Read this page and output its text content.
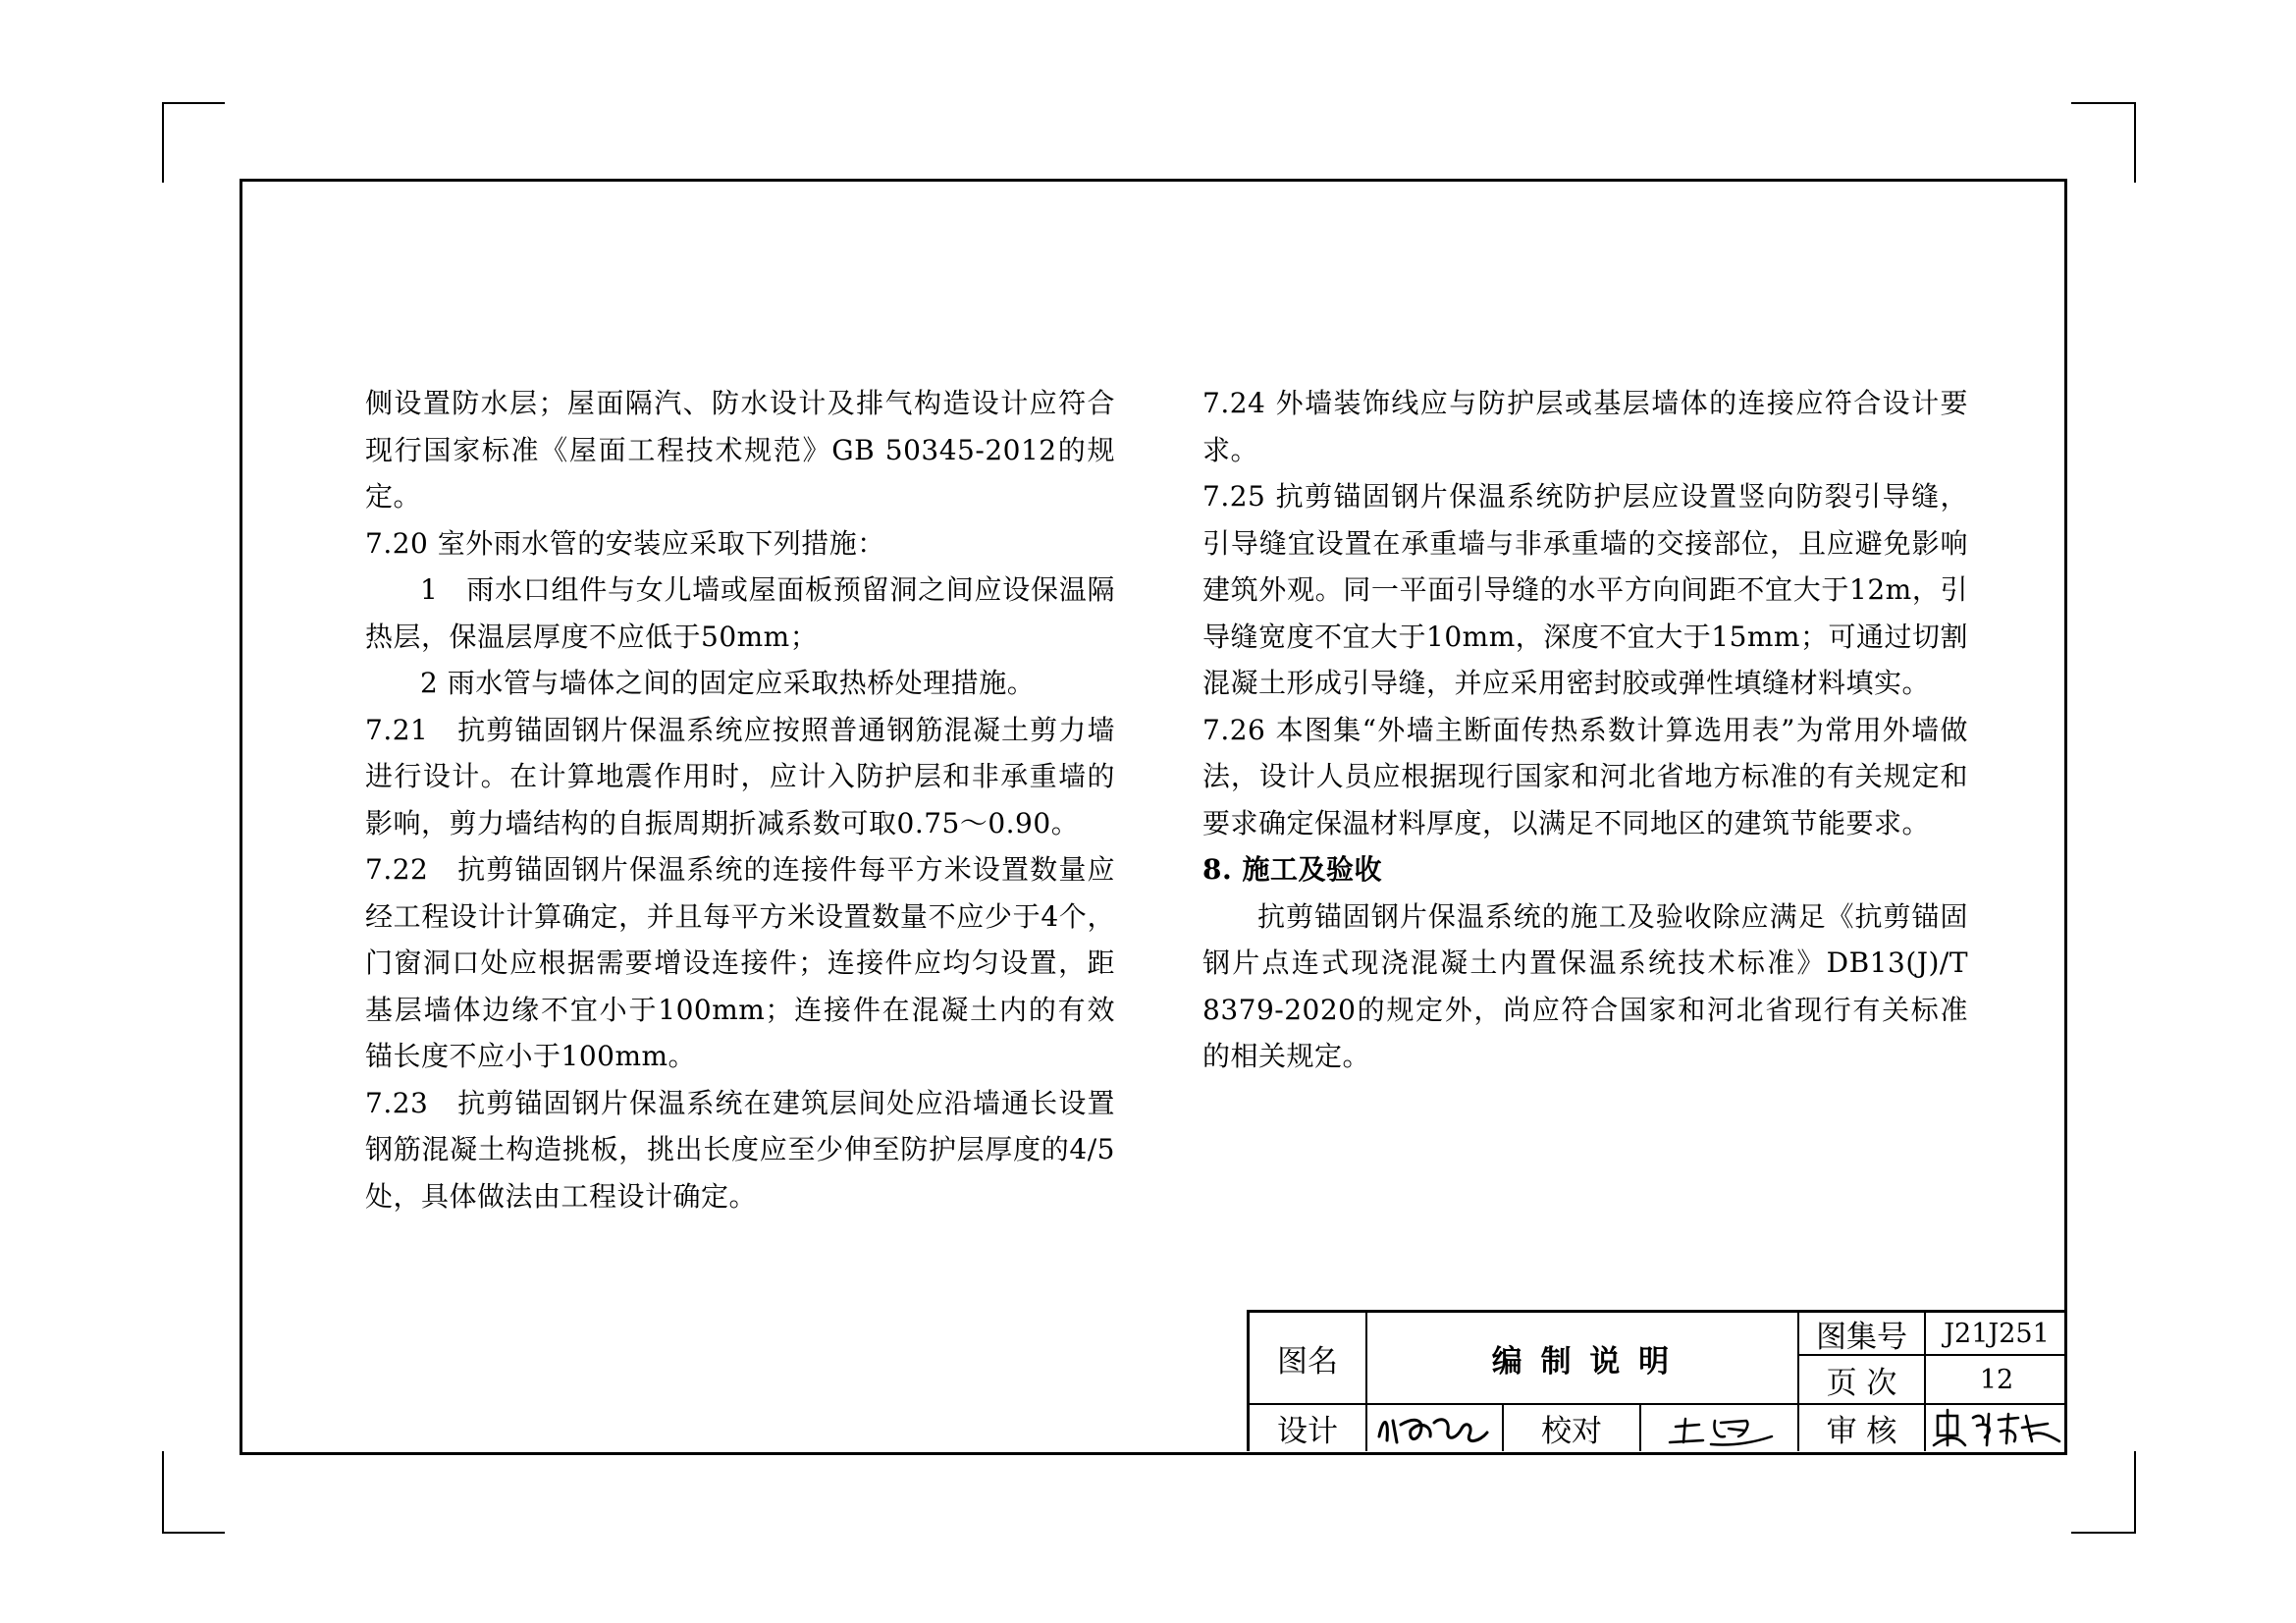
侧设置防水层；屋面隔汽、防水设计及排气构造设计应符合现行国家标准《屋面工程技术规范》GB 50345-2012的规定。

7.20 室外雨水管的安装应采取下列措施：

1　雨水口组件与女儿墙或屋面板预留洞之间应设保温隔热层，保温层厚度不应低于50mm；

2 雨水管与墙体之间的固定应采取热桥处理措施。

7.21　抗剪锚固钢片保温系统应按照普通钢筋混凝土剪力墙进行设计。在计算地震作用时，应计入防护层和非承重墙的影响，剪力墙结构的自振周期折减系数可取0.75～0.90。

7.22　抗剪锚固钢片保温系统的连接件每平方米设置数量应经工程设计计算确定，并且每平方米设置数量不应少于4个，门窗洞口处应根据需要增设连接件；连接件应均匀设置，距基层墙体边缘不宜小于100mm；连接件在混凝土内的有效锚长度不应小于100mm。

7.23　抗剪锚固钢片保温系统在建筑层间处应沿墙通长设置钢筋混凝土构造挑板，挑出长度应至少伸至防护层厚度的4/5处，具体做法由工程设计确定。

7.24 外墙装饰线应与防护层或基层墙体的连接应符合设计要求。

7.25 抗剪锚固钢片保温系统防护层应设置竖向防裂引导缝，引导缝宜设置在承重墙与非承重墙的交接部位，且应避免影响建筑外观。同一平面引导缝的水平方向间距不宜大于12m，引导缝宽度不宜大于10mm，深度不宜大于15mm；可通过切割混凝土形成引导缝，并应采用密封胶或弹性填缝材料填实。

7.26 本图集“外墙主断面传热系数计算选用表”为常用外墙做法，设计人员应根据现行国家和河北省地方标准的有关规定和要求确定保温材料厚度，以满足不同地区的建筑节能要求。

8. 施工及验收

抗剪锚固钢片保温系统的施工及验收除应满足《抗剪锚固钢片点连式现浇混凝土内置保温系统技术标准》DB13(J)/T 8379-2020的规定外，尚应符合国家和河北省现行有关标准的相关规定。

图名	编 制 说 明
图集号	J21J251
页 次	12
设计	校对	审 核
